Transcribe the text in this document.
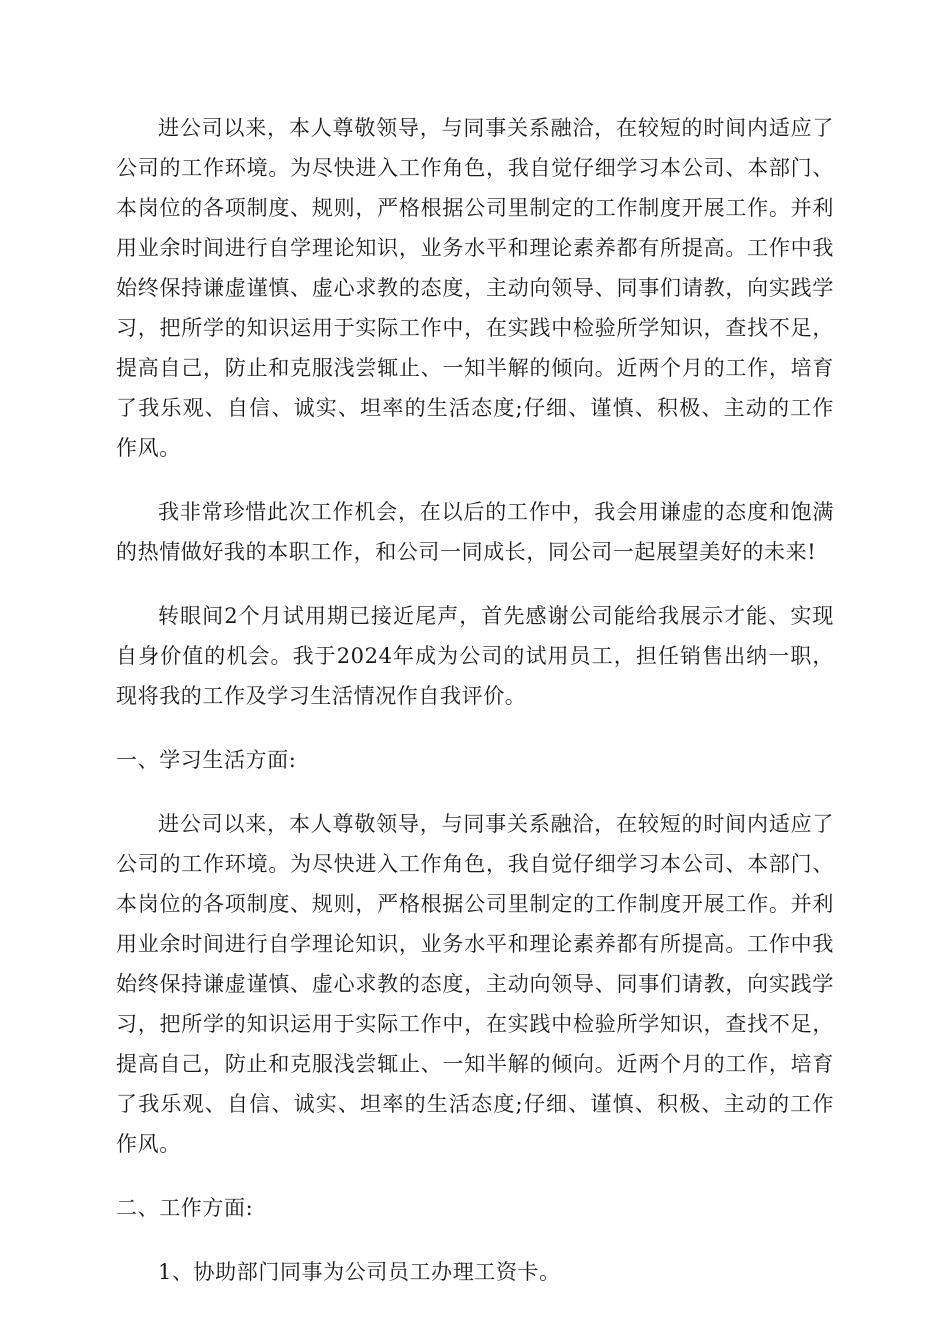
进公司以来，本人尊敬领导，与同事关系融洽，在较短的时间内适应了公司的工作环境。为尽快进入工作角色，我自觉仔细学习本公司、本部门、本岗位的各项制度、规则，严格根据公司里制定的工作制度开展工作。并利用业余时间进行自学理论知识，业务水平和理论素养都有所提高。工作中我始终保持谦虚谨慎、虚心求教的态度，主动向领导、同事们请教，向实践学习，把所学的知识运用于实际工作中，在实践中检验所学知识，查找不足，提高自己，防止和克服浅尝辄止、一知半解的倾向。近两个月的工作，培育了我乐观、自信、诚实、坦率的生活态度;仔细、谨慎、积极、主动的工作作风。

我非常珍惜此次工作机会，在以后的工作中，我会用谦虚的态度和饱满的热情做好我的本职工作，和公司一同成长，同公司一起展望美好的未来!

转眼间2个月试用期已接近尾声，首先感谢公司能给我展示才能、实现自身价值的机会。我于2024年成为公司的试用员工，担任销售出纳一职，现将我的工作及学习生活情况作自我评价。

一、学习生活方面:

进公司以来，本人尊敬领导，与同事关系融洽，在较短的时间内适应了公司的工作环境。为尽快进入工作角色，我自觉仔细学习本公司、本部门、本岗位的各项制度、规则，严格根据公司里制定的工作制度开展工作。并利用业余时间进行自学理论知识，业务水平和理论素养都有所提高。工作中我始终保持谦虚谨慎、虚心求教的态度，主动向领导、同事们请教，向实践学习，把所学的知识运用于实际工作中，在实践中检验所学知识，查找不足，提高自己，防止和克服浅尝辄止、一知半解的倾向。近两个月的工作，培育了我乐观、自信、诚实、坦率的生活态度;仔细、谨慎、积极、主动的工作作风。

二、工作方面:

1、协助部门同事为公司员工办理工资卡。
